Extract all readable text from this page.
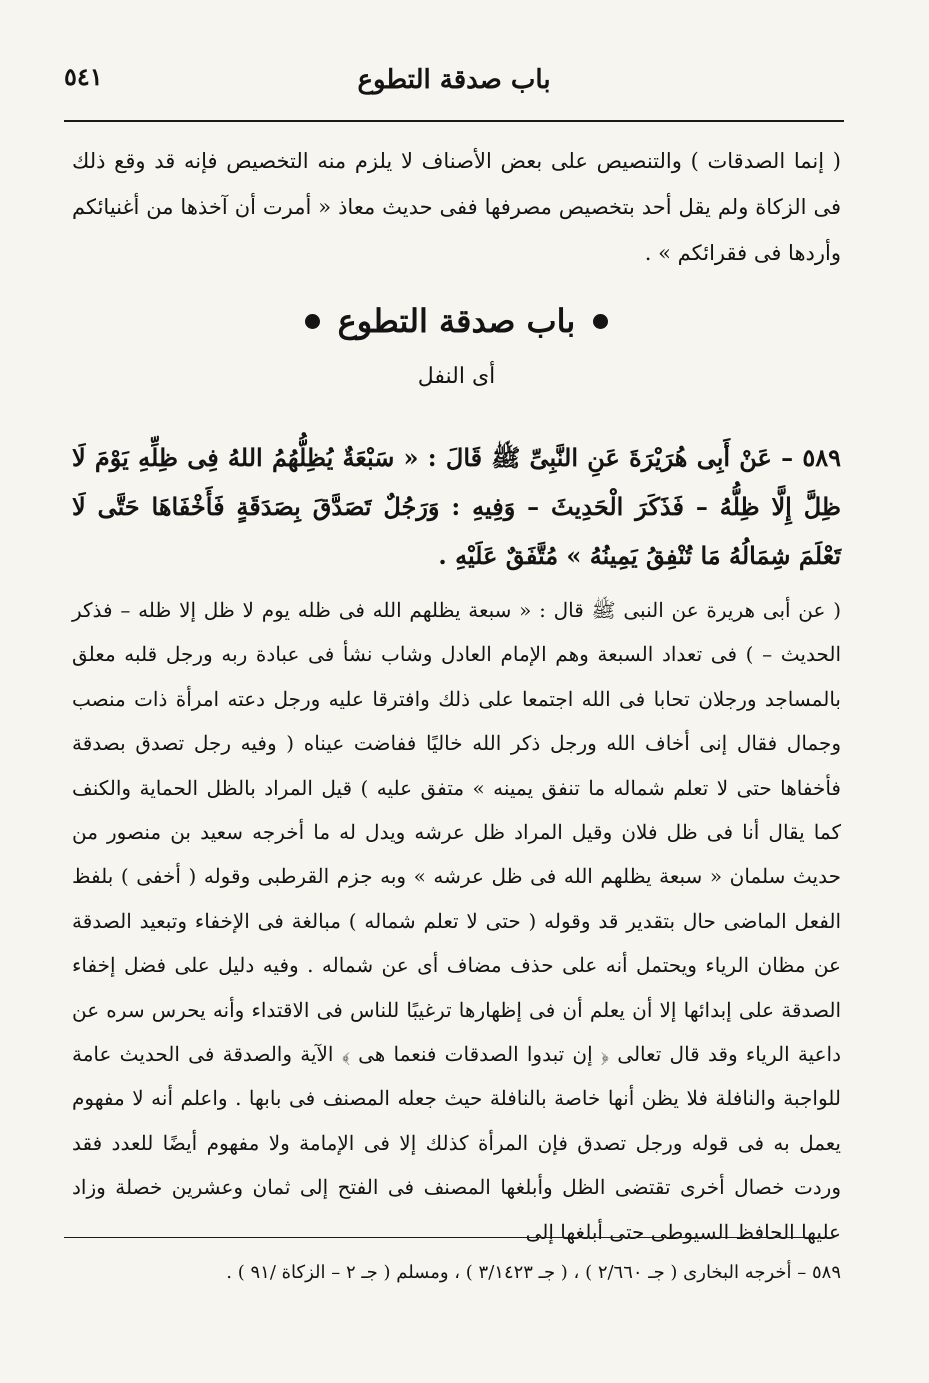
باب صدقة التطوع
٥٤١

( إنما الصدقات ) والتنصيص على بعض الأصناف لا يلزم منه التخصيص فإنه قد وقع ذلك فى الزكاة ولم يقل أحد بتخصيص مصرفها ففى حديث معاذ « أمرت أن آخذها من أغنيائكم وأردها فى فقرائكم » .

باب صدقة التطوع
أى النفل

٥٨٩ – عَنْ أَبِى هُرَيْرَةَ عَنِ النَّبِىِّ ﷺ قَالَ : « سَبْعَةٌ يُظِلُّهُمُ اللهُ فِى ظِلِّهِ يَوْمَ لَا ظِلَّ إِلَّا ظِلُّهُ – فَذَكَرَ الْحَدِيثَ – وَفِيهِ : وَرَجُلٌ تَصَدَّقَ بِصَدَقَةٍ فَأَخْفَاهَا حَتَّى لَا تَعْلَمَ شِمَالُهُ مَا تُنْفِقُ يَمِينُهُ » مُتَّفَقٌ عَلَيْهِ .

( عن أبى هريرة عن النبى ﷺ قال : « سبعة يظلهم الله فى ظله يوم لا ظل إلا ظله – فذكر الحديث – ) فى تعداد السبعة وهم الإمام العادل وشاب نشأ فى عبادة ربه ورجل قلبه معلق بالمساجد ورجلان تحابا فى الله اجتمعا على ذلك وافترقا عليه ورجل دعته امرأة ذات منصب وجمال فقال إنى أخاف الله ورجل ذكر الله خاليًا ففاضت عيناه ( وفيه رجل تصدق بصدقة فأخفاها حتى لا تعلم شماله ما تنفق يمينه » متفق عليه ) قيل المراد بالظل الحماية والكنف كما يقال أنا فى ظل فلان وقيل المراد ظل عرشه ويدل له ما أخرجه سعيد بن منصور من حديث سلمان « سبعة يظلهم الله فى ظل عرشه » وبه جزم القرطبى وقوله ( أخفى ) بلفظ الفعل الماضى حال بتقدير قد وقوله ( حتى لا تعلم شماله ) مبالغة فى الإخفاء وتبعيد الصدقة عن مظان الرياء ويحتمل أنه على حذف مضاف أى عن شماله . وفيه دليل على فضل إخفاء الصدقة على إبدائها إلا أن يعلم أن فى إظهارها ترغيبًا للناس فى الاقتداء وأنه يحرس سره عن داعية الرياء وقد قال تعالى ﴿ إن تبدوا الصدقات فنعما هى ﴾ الآية والصدقة فى الحديث عامة للواجبة والنافلة فلا يظن أنها خاصة بالنافلة حيث جعله المصنف فى بابها . واعلم أنه لا مفهوم يعمل به فى قوله ورجل تصدق فإن المرأة كذلك إلا فى الإمامة ولا مفهوم أيضًا للعدد فقد وردت خصال أخرى تقتضى الظل وأبلغها المصنف فى الفتح إلى ثمان وعشرين خصلة وزاد عليها الحافظ السيوطى حتى أبلغها إلى

٥٨٩ – أخرجه البخارى ( جـ ٢/٦٦٠ ) ، ( جـ ٣/١٤٢٣ ) ، ومسلم ( جـ ٢ – الزكاة /٩١ ) .
